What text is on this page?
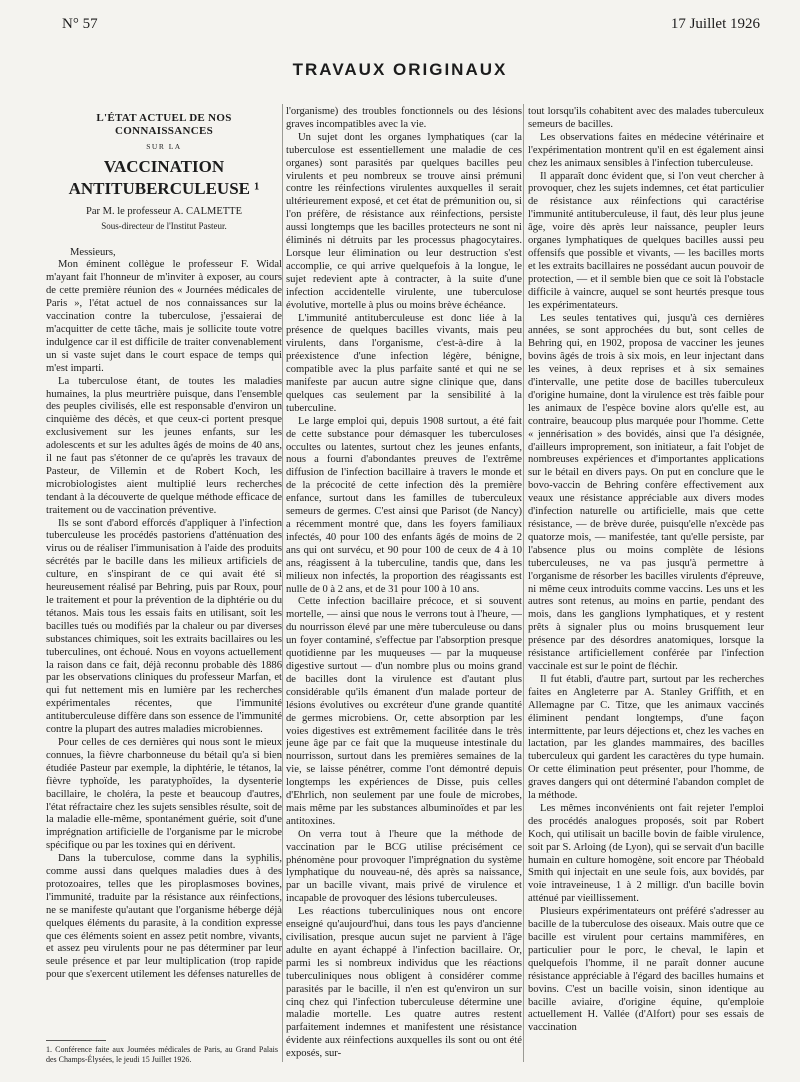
N° 57	17 Juillet 1926
TRAVAUX ORIGINAUX
L'ÉTAT ACTUEL DE NOS CONNAISSANCES
SUR LA
VACCINATION
ANTITUBERCULEUSE ¹
Par M. le professeur A. CALMETTE
Sous-directeur de l'Institut Pasteur.

Messieurs,

Mon éminent collègue le professeur F. Widal m'ayant fait l'honneur de m'inviter à exposer, au cours de cette première réunion des « Journées médicales de Paris », l'état actuel de nos connaissances sur la vaccination contre la tuberculose, j'essaierai de m'acquitter de cette tâche, mais je sollicite toute votre indulgence car il est difficile de traiter convenablement un si vaste sujet dans le court espace de temps qui m'est imparti.

La tuberculose étant, de toutes les maladies humaines, la plus meurtrière puisque, dans l'ensemble des peuples civilisés, elle est responsable d'environ un cinquième des décès, et que ceux-ci portent presque exclusivement sur les jeunes enfants, sur les adolescents et sur les adultes âgés de moins de 40 ans, il ne faut pas s'étonner de ce qu'après les travaux de Pasteur, de Villemin et de Robert Koch, les microbiologistes aient multiplié leurs recherches tendant à la découverte de quelque méthode efficace de traitement ou de vaccination préventive.

Ils se sont d'abord efforcés d'appliquer à l'infection tuberculeuse les procédés pastoriens d'atténuation des virus ou de réaliser l'immunisation à l'aide des produits sécrétés par le bacille dans les milieux artificiels de culture, en s'inspirant de ce qui avait été si heureusement réalisé par Behring, puis par Roux, pour le traitement et pour la prévention de la diphtérie ou du tétanos. Mais tous les essais faits en utilisant, soit les bacilles tués ou modifiés par la chaleur ou par diverses substances chimiques, soit les extraits bacillaires ou les tuberculines, ont échoué. Nous en voyons actuellement la raison dans ce fait, déjà reconnu probable dès 1886 par les observations cliniques du professeur Marfan, et qui fut nettement mis en lumière par les recherches expérimentales récentes, que l'immunité antituberculeuse diffère dans son essence de l'immunité contre la plupart des autres maladies microbiennes.

Pour celles de ces dernières qui nous sont le mieux connues, la fièvre charbonneuse du bétail qu'a si bien étudiée Pasteur par exemple, la diphtérie, le tétanos, la fièvre typhoïde, les paratyphoïdes, la dysenterie bacillaire, le choléra, la peste et beaucoup d'autres, l'état réfractaire chez les sujets sensibles résulte, soit de la maladie elle-même, spontanément guérie, soit d'une imprégnation artificielle de l'organisme par le microbe spécifique ou par les toxines qui en dérivent.

Dans la tuberculose, comme dans la syphilis, comme aussi dans quelques maladies dues à des protozoaires, telles que les piroplasmoses bovines, l'immunité, traduite par la résistance aux réinfections, ne se manifeste qu'autant que l'organisme héberge déjà quelques éléments du parasite, à la condition expresse que ces éléments soient en assez petit nombre, vivants, et assez peu virulents pour ne pas déterminer par leur seule présence et par leur multiplication (trop rapide pour que s'exercent utilement les défenses naturelles de

1. Conférence faite aux Journées médicales de Paris, au Grand Palais des Champs-Élysées, le jeudi 15 Juillet 1926.

l'organisme) des troubles fonctionnels ou des lésions graves incompatibles avec la vie.

Un sujet dont les organes lymphatiques (car la tuberculose est essentiellement une maladie de ces organes) sont parasités par quelques bacilles peu virulents et peu nombreux se trouve ainsi prémuni contre les réinfections virulentes auxquelles il serait ultérieurement exposé, et cet état de prémunition ou, si l'on préfère, de résistance aux réinfections, persiste aussi longtemps que les bacilles protecteurs ne sont ni éliminés ni détruits par les processus phagocytaires. Lorsque leur élimination ou leur destruction s'est accomplie, ce qui arrive quelquefois à la longue, le sujet redevient apte à contracter, à la suite d'une infection accidentelle virulente, une tuberculose évolutive, mortelle à plus ou moins brève échéance.

L'immunité antituberculeuse est donc liée à la présence de quelques bacilles vivants, mais peu virulents, dans l'organisme, c'est-à-dire à la préexistence d'une infection légère, bénigne, compatible avec la plus parfaite santé et qui ne se manifeste par aucun autre signe clinique que, dans quelques cas seulement par la sensibilité à la tuberculine.

Le large emploi qui, depuis 1908 surtout, a été fait de cette substance pour démasquer les tuberculoses occultes ou latentes, surtout chez les jeunes enfants, nous a fourni d'abondantes preuves de l'extrême diffusion de l'infection bacillaire à travers le monde et de la précocité de cette infection dès la première enfance, surtout dans les familles de tuberculeux semeurs de germes. C'est ainsi que Parisot (de Nancy) a récemment montré que, dans les foyers familiaux infectés, 40 pour 100 des enfants âgés de moins de 2 ans qui ont survécu, et 90 pour 100 de ceux de 4 à 10 ans, réagissent à la tuberculine, tandis que, dans les milieux non infectés, la proportion des réagissants est nulle de 0 à 2 ans, et de 31 pour 100 à 10 ans.

Cette infection bacillaire précoce, et si souvent mortelle, — ainsi que nous le verrons tout à l'heure, — du nourrisson élevé par une mère tuberculeuse ou dans un foyer contaminé, s'effectue par l'absorption presque quotidienne par les muqueuses — par la muqueuse digestive surtout — d'un nombre plus ou moins grand de bacilles dont la virulence est d'autant plus considérable qu'ils émanent d'un malade porteur de lésions évolutives ou excréteur d'une grande quantité de germes microbiens. Or, cette absorption par les voies digestives est extrêmement facilitée dans le très jeune âge par ce fait que la muqueuse intestinale du nourrisson, surtout dans les premières semaines de la vie, se laisse pénétrer, comme l'ont démontré depuis longtemps les expériences de Disse, puis celles d'Ehrlich, non seulement par une foule de microbes, mais même par les substances albuminoïdes et par les antitoxines.

On verra tout à l'heure que la méthode de vaccination par le BCG utilise précisément ce phénomène pour provoquer l'imprégnation du système lymphatique du nouveau-né, dès après sa naissance, par un bacille vivant, mais privé de virulence et incapable de provoquer des lésions tuberculeuses.

Les réactions tuberculiniques nous ont encore enseigné qu'aujourd'hui, dans tous les pays d'ancienne civilisation, presque aucun sujet ne parvient à l'âge adulte en ayant échappé à l'infection bacillaire. Or, parmi les si nombreux individus que les réactions tuberculiniques nous obligent à considérer comme parasités par le bacille, il n'en est qu'environ un sur cinq chez qui l'infection tuberculeuse détermine une maladie mortelle. Les quatre autres restent parfaitement indemnes et manifestent une résistance évidente aux réinfections auxquelles ils sont ou ont été exposés, sur-

tout lorsqu'ils cohabitent avec des malades tuberculeux semeurs de bacilles.

Les observations faites en médecine vétérinaire et l'expérimentation montrent qu'il en est également ainsi chez les animaux sensibles à l'infection tuberculeuse.

Il apparaît donc évident que, si l'on veut chercher à provoquer, chez les sujets indemnes, cet état particulier de résistance aux réinfections qui caractérise l'immunité antituberculeuse, il faut, dès leur plus jeune âge, voire dès après leur naissance, peupler leurs organes lymphatiques de quelques bacilles aussi peu offensifs que possible et vivants, — les bacilles morts et les extraits bacillaires ne possédant aucun pouvoir de protection, — et il semble bien que ce soit là l'obstacle difficile à vaincre, auquel se sont heurtés presque tous les expérimentateurs.

Les seules tentatives qui, jusqu'à ces dernières années, se sont approchées du but, sont celles de Behring qui, en 1902, proposa de vacciner les jeunes bovins âgés de trois à six mois, en leur injectant dans les veines, à deux reprises et à six semaines d'intervalle, une petite dose de bacilles tuberculeux d'origine humaine, dont la virulence est très faible pour les animaux de l'espèce bovine alors qu'elle est, au contraire, beaucoup plus marquée pour l'homme. Cette « jennérisation » des bovidés, ainsi que l'a désignée, d'ailleurs improprement, son initiateur, a fait l'objet de nombreuses expériences et d'importantes applications sur le bétail en divers pays. On put en conclure que le bovo-vaccin de Behring confère effectivement aux veaux une résistance appréciable aux divers modes d'infection naturelle ou artificielle, mais que cette résistance, — de brève durée, puisqu'elle n'excède pas quatorze mois, — manifestée, tant qu'elle persiste, par l'absence plus ou moins complète de lésions tuberculeuses, ne va pas jusqu'à permettre à l'organisme de résorber les bacilles virulents d'épreuve, ni même ceux introduits comme vaccins. Les uns et les autres sont retenus, au moins en partie, pendant des mois, dans les ganglions lymphatiques, et y restent prêts à signaler plus ou moins brusquement leur présence par des désordres anatomiques, lorsque la résistance artificiellement conférée par l'infection vaccinale est sur le point de fléchir.

Il fut établi, d'autre part, surtout par les recherches faites en Angleterre par A. Stanley Griffith, et en Allemagne par C. Titze, que les animaux vaccinés éliminent pendant longtemps, d'une façon intermittente, par leurs déjections et, chez les vaches en lactation, par les glandes mammaires, des bacilles tuberculeux qui gardent les caractères du type humain. Or cette élimination peut présenter, pour l'homme, de graves dangers qui ont déterminé l'abandon complet de la méthode.

Les mêmes inconvénients ont fait rejeter l'emploi des procédés analogues proposés, soit par Robert Koch, qui utilisait un bacille bovin de faible virulence, soit par S. Arloing (de Lyon), qui se servait d'un bacille humain en culture homogène, soit encore par Théobald Smith qui injectait en une seule fois, aux bovidés, par voie intraveineuse, 1 à 2 milligr. d'un bacille bovin atténué par vieillissement.

Plusieurs expérimentateurs ont préféré s'adresser au bacille de la tuberculose des oiseaux. Mais outre que ce bacille est virulent pour certains mammifères, en particulier pour le porc, le cheval, le lapin et quelquefois l'homme, il ne paraît donner aucune résistance appréciable à l'égard des bacilles humains et bovins. C'est un bacille voisin, sinon identique au bacille aviaire, d'origine équine, qu'emploie actuellement H. Vallée (d'Alfort) pour ses essais de vaccination
